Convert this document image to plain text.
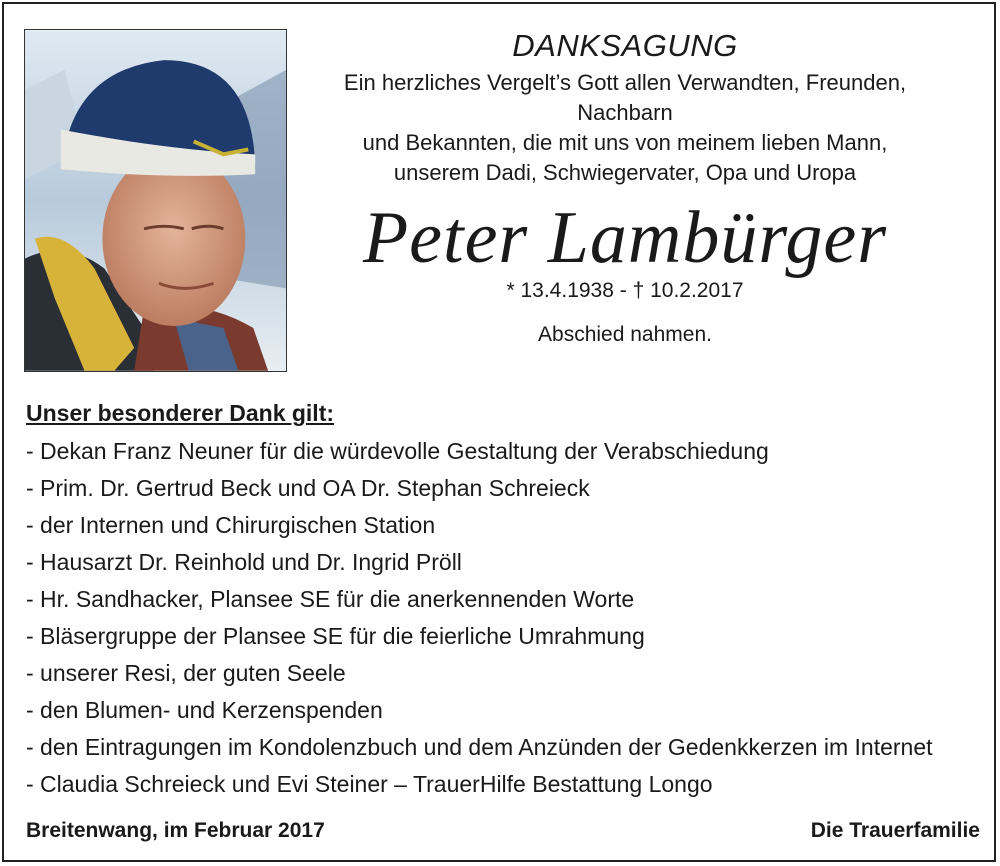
DANKSAGUNG
Ein herzliches Vergelt’s Gott allen Verwandten, Freunden, Nachbarn
und Bekannten, die mit uns von meinem lieben Mann,
unserem Dadi, Schwiegervater, Opa und Uropa
Peter Lambürger
* 13.4.1938 - † 10.2.2017
Abschied nahmen.
Unser besonderer Dank gilt:
- Dekan Franz Neuner für die würdevolle Gestaltung der Verabschiedung
- Prim. Dr. Gertrud Beck und OA Dr. Stephan Schreieck
- der Internen und Chirurgischen Station
- Hausarzt Dr. Reinhold und Dr. Ingrid Pröll
- Hr. Sandhacker, Plansee SE für die anerkennenden Worte
- Bläsergruppe der Plansee SE für die feierliche Umrahmung
- unserer Resi, der guten Seele
- den Blumen- und Kerzenspenden
- den Eintragungen im Kondolenzbuch und dem Anzünden der Gedenkkerzen im Internet
- Claudia Schreieck und Evi Steiner – TrauerHilfe Bestattung Longo
Breitenwang, im Februar 2017	Die Trauerfamilie
